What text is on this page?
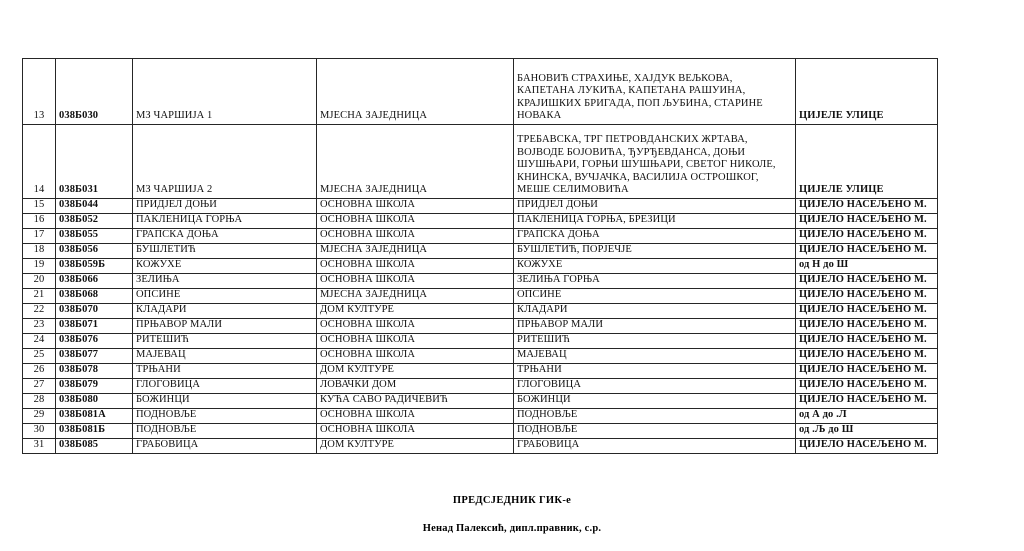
13	038Б030	МЗ ЧАРШИЈА 1	МЈЕСНА ЗАЈЕДНИЦА	БАНОВИЋ СТРАХИЊЕ, ХАЈДУК ВЕЉКОВА, КАПЕТАНА ЛУКИЋА, КАПЕТАНА РАШУИНА, КРАЈИШКИХ БРИГАДА, ПОП ЉУБИНА, СТАРИНЕ НОВАКА	ЦИЈЕЛЕ УЛИЦЕ
14	038Б031	МЗ ЧАРШИЈА 2	МЈЕСНА ЗАЈЕДНИЦА	ТРЕБАВСКА, ТРГ ПЕТРОВДАНСКИХ ЖРТАВА, ВОЈВОДЕ БОЈОВИЋА, ЂУРЂЕВДАНСА, ДОЊИ ШУШЊАРИ, ГОРЊИ ШУШЊАРИ, СВЕТОГ НИКОЛЕ, КНИНСКА, ВУЧЈАЧКА, ВАСИЛИЈА ОСТРОШКОГ, МЕШЕ СЕЛИМОВИЋА	ЦИЈЕЛЕ УЛИЦЕ
15	038Б044	ПРИДЈЕЛ ДОЊИ	ОСНОВНА ШКОЛА	ПРИДЈЕЛ ДОЊИ	ЦИЈЕЛО НАСЕЉЕНО М.
16	038Б052	ПАКЛЕНИЦА ГОРЊА	ОСНОВНА ШКОЛА	ПАКЛЕНИЦА ГОРЊА, БРЕЗИЦИ	ЦИЈЕЛО НАСЕЉЕНО М.
17	038Б055	ГРАПСКА ДОЊА	ОСНОВНА ШКОЛА	ГРАПСКА ДОЊА	ЦИЈЕЛО НАСЕЉЕНО М.
18	038Б056	БУШЛЕТИЋ	МЈЕСНА ЗАЈЕДНИЦА	БУШЛЕТИЋ, ПОРЈЕЧЈЕ	ЦИЈЕЛО НАСЕЉЕНО М.
19	038Б059Б	КОЖУХЕ	ОСНОВНА ШКОЛА	КОЖУХЕ	од Н до Ш
20	038Б066	ЗЕЛИЊА	ОСНОВНА ШКОЛА	ЗЕЛИЊА ГОРЊА	ЦИЈЕЛО НАСЕЉЕНО М.
21	038Б068	ОПСИНЕ	МЈЕСНА ЗАЈЕДНИЦА	ОПСИНЕ	ЦИЈЕЛО НАСЕЉЕНО М.
22	038Б070	КЛАДАРИ	ДОМ КУЛТУРЕ	КЛАДАРИ	ЦИЈЕЛО НАСЕЉЕНО М.
23	038Б071	ПРЊАВОР МАЛИ	ОСНОВНА ШКОЛА	ПРЊАВОР МАЛИ	ЦИЈЕЛО НАСЕЉЕНО М.
24	038Б076	РИТЕШИЋ	ОСНОВНА ШКОЛА	РИТЕШИЋ	ЦИЈЕЛО НАСЕЉЕНО М.
25	038Б077	МАЈЕВАЦ	ОСНОВНА ШКОЛА	МАЈЕВАЦ	ЦИЈЕЛО НАСЕЉЕНО М.
26	038Б078	ТРЊАНИ	ДОМ КУЛТУРЕ	ТРЊАНИ	ЦИЈЕЛО НАСЕЉЕНО М.
27	038Б079	ГЛОГОВИЦА	ЛОВАЧКИ ДОМ	ГЛОГОВИЦА	ЦИЈЕЛО НАСЕЉЕНО М.
28	038Б080	БОЖИНЦИ	КУЋА САВО РАДИЧЕВИЋ	БОЖИНЦИ	ЦИЈЕЛО НАСЕЉЕНО М.
29	038Б081А	ПОДНОВЉЕ	ОСНОВНА ШКОЛА	ПОДНОВЉЕ	од А до .Л
30	038Б081Б	ПОДНОВЉЕ	ОСНОВНА ШКОЛА	ПОДНОВЉЕ	од .Љ до Ш
31	038Б085	ГРАБОВИЦА	ДОМ КУЛТУРЕ	ГРАБОВИЦА	ЦИЈЕЛО НАСЕЉЕНО М.
ПРЕДСЈЕДНИК ГИК-е
Ненад Палексић, дипл.правник, с.р.
